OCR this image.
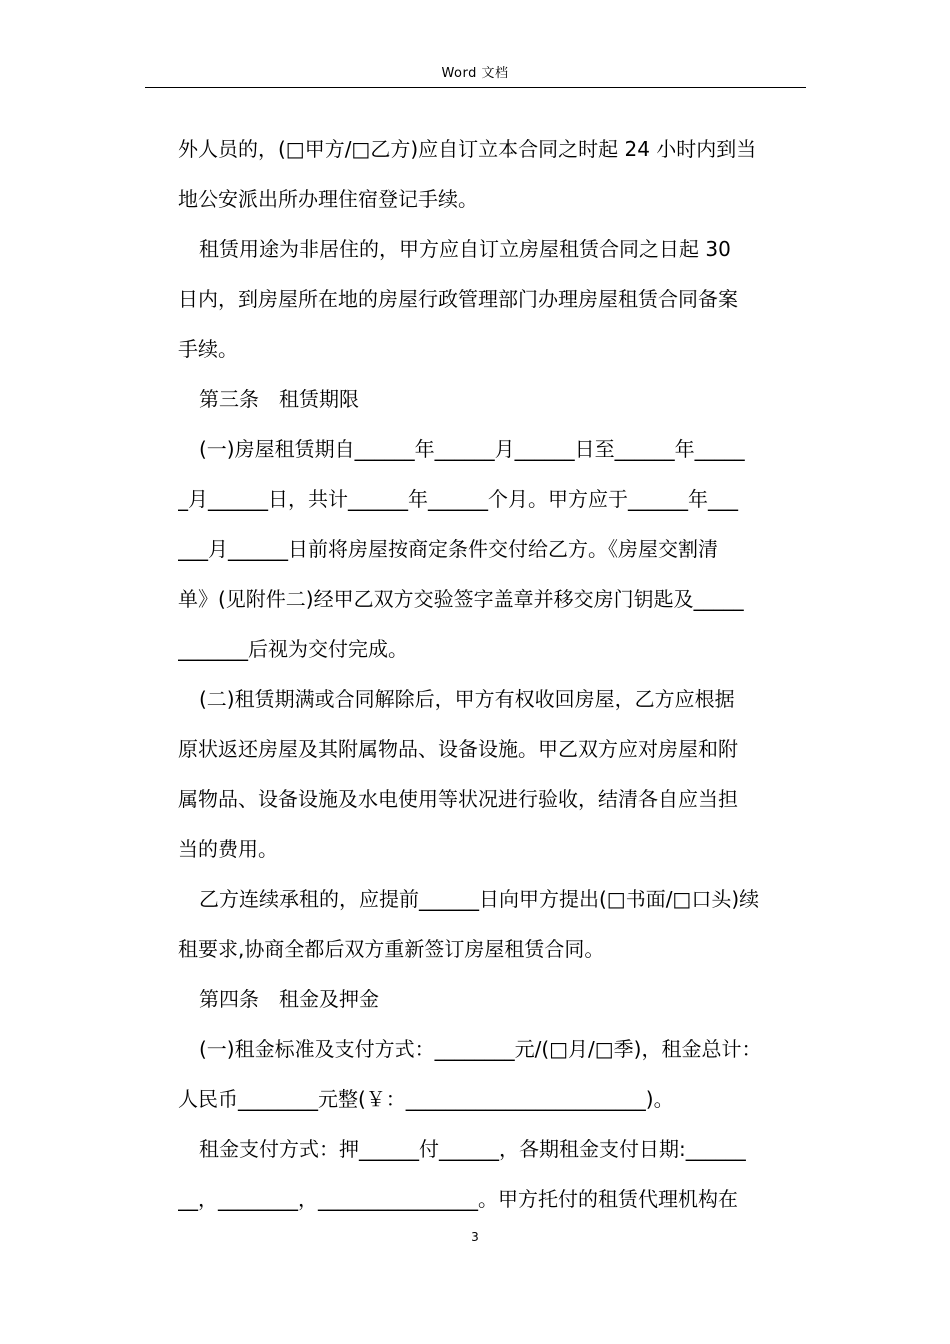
Word 文档
外人员的，(□甲方/□乙方)应自订立本合同之时起 24 小时内到当
地公安派出所办理住宿登记手续。
租赁用途为非居住的，甲方应自订立房屋租赁合同之日起 30
日内，到房屋所在地的房屋行政管理部门办理房屋租赁合同备案
手续。
第三条　租赁期限
(一)房屋租赁期自______年______月______日至______年_____
_月______日，共计______年______个月。甲方应于______年___
___月______日前将房屋按商定条件交付给乙方。《房屋交割清
单》(见附件二)经甲乙双方交验签字盖章并移交房门钥匙及_____
_______后视为交付完成。
(二)租赁期满或合同解除后，甲方有权收回房屋，乙方应根据
原状返还房屋及其附属物品、设备设施。甲乙双方应对房屋和附
属物品、设备设施及水电使用等状况进行验收，结清各自应当担
当的费用。
乙方连续承租的，应提前______日向甲方提出(□书面/□口头)续
租要求,协商全都后双方重新签订房屋租赁合同。
第四条　租金及押金
(一)租金标准及支付方式：________元/(□月/□季)，租金总计：
人民币________元整(￥：________________________)。
租金支付方式：押______付______，各期租金支付日期:______
__，________，________________。甲方托付的租赁代理机构在
3
